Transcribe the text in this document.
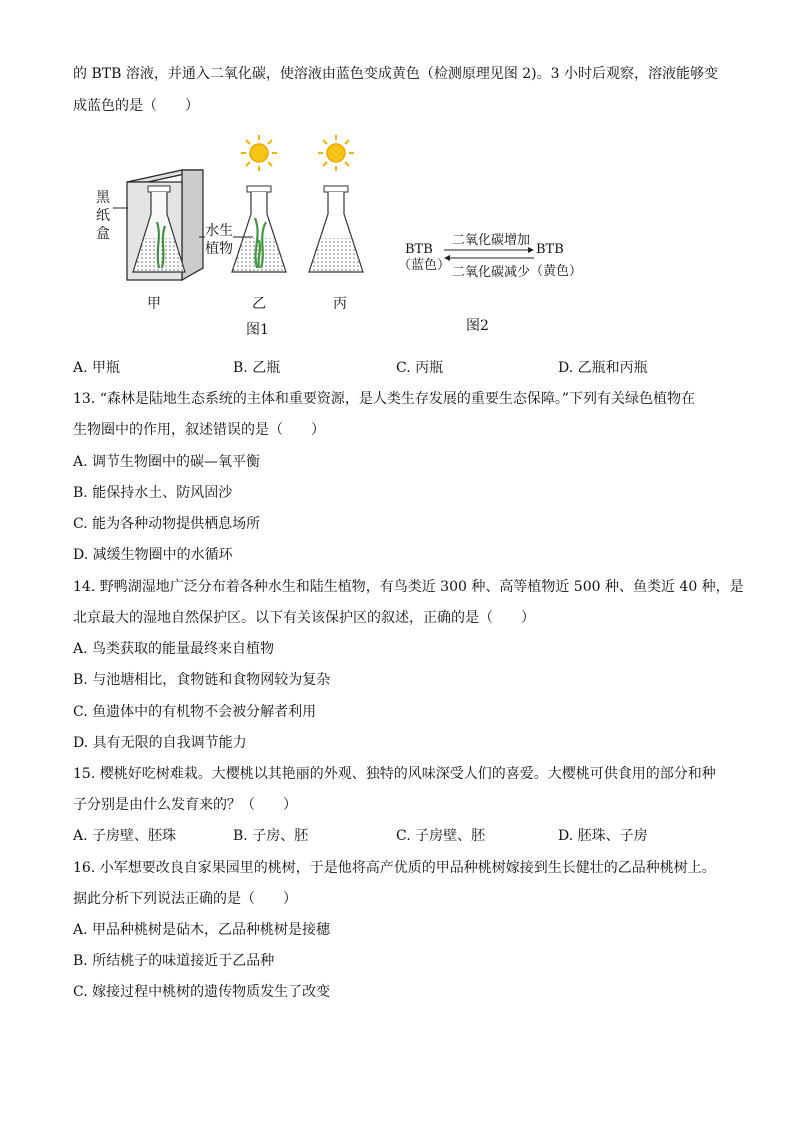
的 BTB 溶液，并通入二氧化碳，使溶液由蓝色变成黄色（检测原理见图 2)。3 小时后观察，溶液能够变
成蓝色的是（　　）
黑
纸
盒	水生
植物
甲	乙	丙
图1
BTB
（蓝色）
BTB
（黄色）
二氧化碳增加
二氧化碳减少
图2
A. 甲瓶	B. 乙瓶	C. 丙瓶	D. 乙瓶和丙瓶
13. “森林是陆地生态系统的主体和重要资源，是人类生存发展的重要生态保障。”下列有关绿色植物在
生物圈中的作用，叙述错误的是（　　）
A. 调节生物圈中的碳—氧平衡
B. 能保持水土、防风固沙
C. 能为各种动物提供栖息场所
D. 减缓生物圈中的水循环
14. 野鸭湖湿地广泛分布着各种水生和陆生植物，有鸟类近 300 种、高等植物近 500 种、鱼类近 40 种，是
北京最大的湿地自然保护区。以下有关该保护区的叙述，正确的是（　　）
A. 鸟类获取的能量最终来自植物
B. 与池塘相比，食物链和食物网较为复杂
C. 鱼遗体中的有机物不会被分解者利用
D. 具有无限的自我调节能力
15. 樱桃好吃树难栽。大樱桃以其艳丽的外观、独特的风味深受人们的喜爱。大樱桃可供食用的部分和种
子分别是由什么发育来的？（　　）
A. 子房壁、胚珠	B. 子房、胚	C. 子房壁、胚	D. 胚珠、子房
16. 小军想要改良自家果园里的桃树，于是他将高产优质的甲品种桃树嫁接到生长健壮的乙品种桃树上。
据此分析下列说法正确的是（　　）
A. 甲品种桃树是砧木，乙品种桃树是接穗
B. 所结桃子的味道接近于乙品种
C. 嫁接过程中桃树的遗传物质发生了改变
